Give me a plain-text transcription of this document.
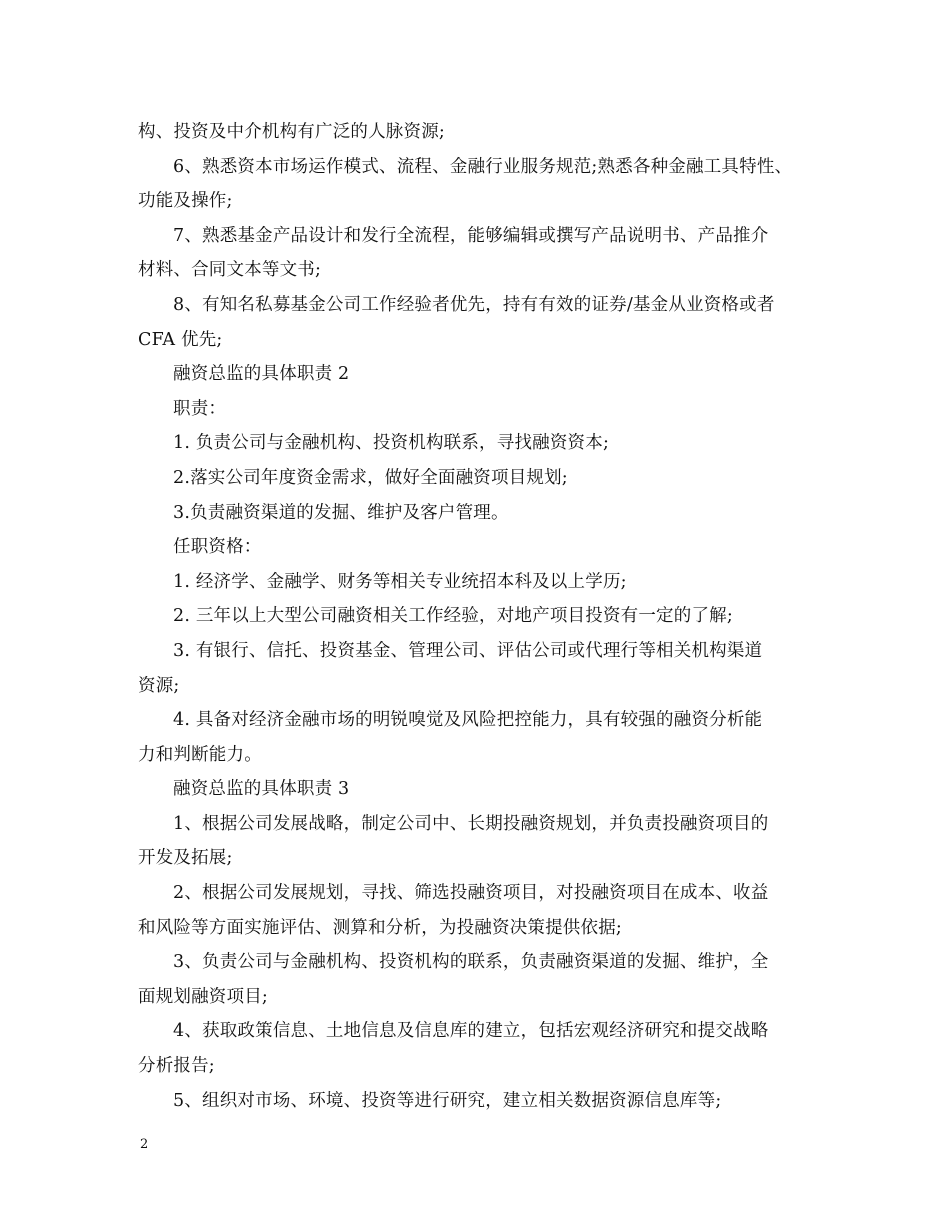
构、投资及中介机构有广泛的人脉资源;
6、熟悉资本市场运作模式、流程、金融行业服务规范;熟悉各种金融工具特性、
功能及操作;
7、熟悉基金产品设计和发行全流程，能够编辑或撰写产品说明书、产品推介
材料、合同文本等文书;
8、有知名私募基金公司工作经验者优先，持有有效的证券/基金从业资格或者
CFA 优先;
融资总监的具体职责 2
职责：
1. 负责公司与金融机构、投资机构联系，寻找融资资本;
2.落实公司年度资金需求，做好全面融资项目规划;
3.负责融资渠道的发掘、维护及客户管理。
任职资格：
1. 经济学、金融学、财务等相关专业统招本科及以上学历;
2. 三年以上大型公司融资相关工作经验，对地产项目投资有一定的了解;
3. 有银行、信托、投资基金、管理公司、评估公司或代理行等相关机构渠道
资源;
4. 具备对经济金融市场的明锐嗅觉及风险把控能力，具有较强的融资分析能
力和判断能力。
融资总监的具体职责 3
1、根据公司发展战略，制定公司中、长期投融资规划，并负责投融资项目的
开发及拓展;
2、根据公司发展规划，寻找、筛选投融资项目，对投融资项目在成本、收益
和风险等方面实施评估、测算和分析，为投融资决策提供依据;
3、负责公司与金融机构、投资机构的联系，负责融资渠道的发掘、维护，全
面规划融资项目;
4、获取政策信息、土地信息及信息库的建立，包括宏观经济研究和提交战略
分析报告;
5、组织对市场、环境、投资等进行研究，建立相关数据资源信息库等;
2
